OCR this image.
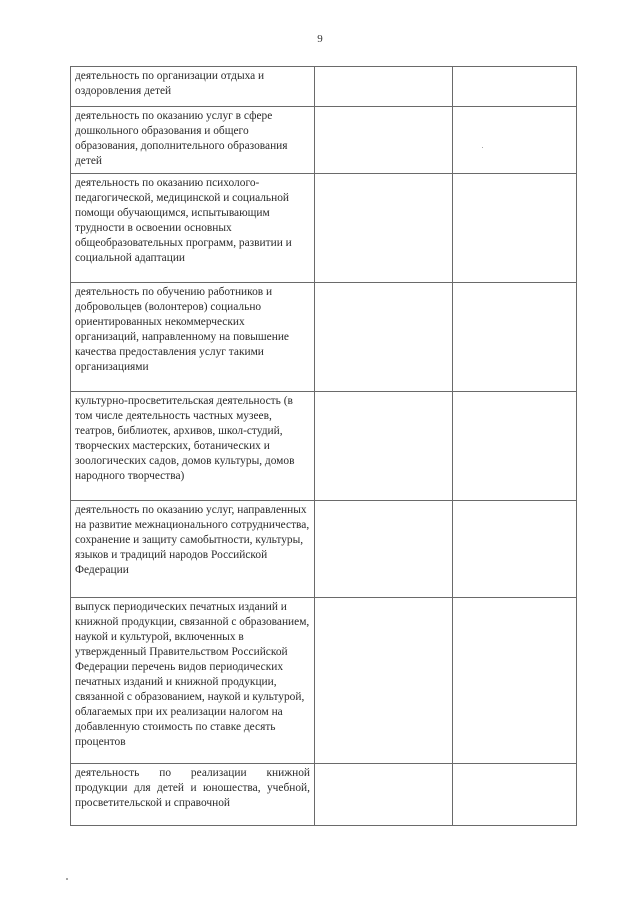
9
деятельность по организации отдыха и оздоровления детей		
деятельность по оказанию услуг в сфере дошкольного образования и общего образования, дополнительного образования детей		
деятельность по оказанию психолого-педагогической, медицинской и социальной помощи обучающимся, испытывающим трудности в освоении основных общеобразовательных программ, развитии и социальной адаптации		
деятельность по обучению работников и добровольцев (волонтеров) социально ориентированных некоммерческих организаций, направленному на повышение качества предоставления услуг такими организациями		
культурно-просветительская деятельность (в том числе деятельность частных музеев, театров, библиотек, архивов, школ-студий, творческих мастерских, ботанических и зоологических садов, домов культуры, домов народного творчества)		
деятельность по оказанию услуг, направленных на развитие межнационального сотрудничества, сохранение и защиту самобытности, культуры, языков и традиций народов Российской Федерации		
выпуск периодических печатных изданий и книжной продукции, связанной с образованием, наукой и культурой, включенных в утвержденный Правительством Российской Федерации перечень видов периодических печатных изданий и книжной продукции, связанной с образованием, наукой и культурой, облагаемых при их реализации налогом на добавленную стоимость по ставке десять процентов		
деятельность по реализации книжной продукции для детей и юношества, учебной, просветительской и справочной		
